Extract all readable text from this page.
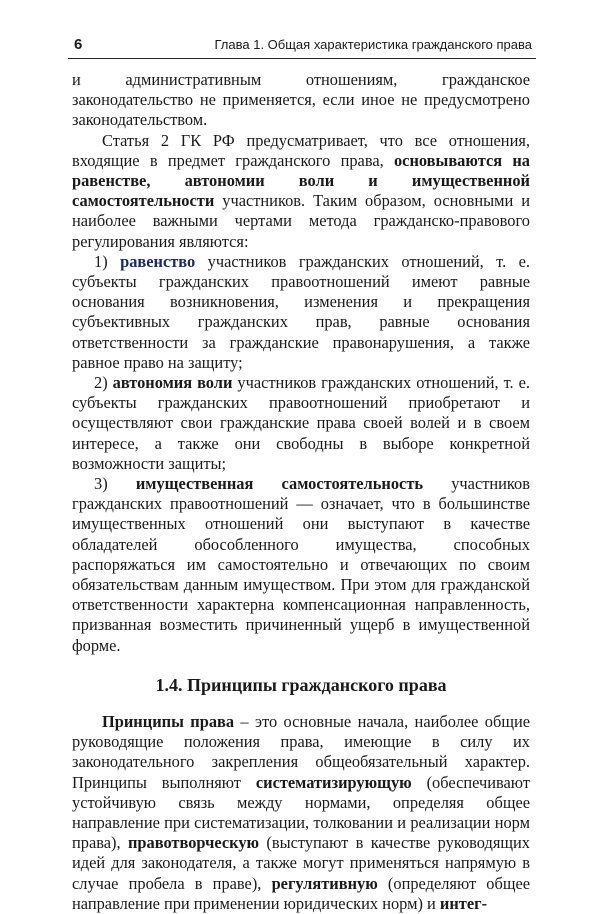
6	Глава 1. Общая характеристика гражданского права

и административным отношениям, гражданское законодательство не применяется, если иное не предусмотрено законодательством.

Статья 2 ГК РФ предусматривает, что все отношения, входящие в предмет гражданского права, основываются на равенстве, автономии воли и имущественной самостоятельности участников. Таким образом, основными и наиболее важными чертами метода гражданско-правового регулирования являются:

1) равенство участников гражданских отношений, т. е. субъекты гражданских правоотношений имеют равные основания возникновения, изменения и прекращения субъективных гражданских прав, равные основания ответственности за гражданские правонарушения, а также равное право на защиту;

2) автономия воли участников гражданских отношений, т. е. субъекты гражданских правоотношений приобретают и осуществляют свои гражданские права своей волей и в своем интересе, а также они свободны в выборе конкретной возможности защиты;

3) имущественная самостоятельность участников гражданских правоотношений — означает, что в большинстве имущественных отношений они выступают в качестве обладателей обособленного имущества, способных распоряжаться им самостоятельно и отвечающих по своим обязательствам данным имуществом. При этом для гражданской ответственности характерна компенсационная направленность, призванная возместить причиненный ущерб в имущественной форме.

1.4. Принципы гражданского права

Принципы права – это основные начала, наиболее общие руководящие положения права, имеющие в силу их законодательного закрепления общеобязательный характер. Принципы выполняют систематизирующую (обеспечивают устойчивую связь между нормами, определяя общее направление при систематизации, толковании и реализации норм права), правотворческую (выступают в качестве руководящих идей для законодателя, а также могут применяться напрямую в случае пробела в праве), регулятивную (определяют общее направление при применении юридических норм) и интег-
